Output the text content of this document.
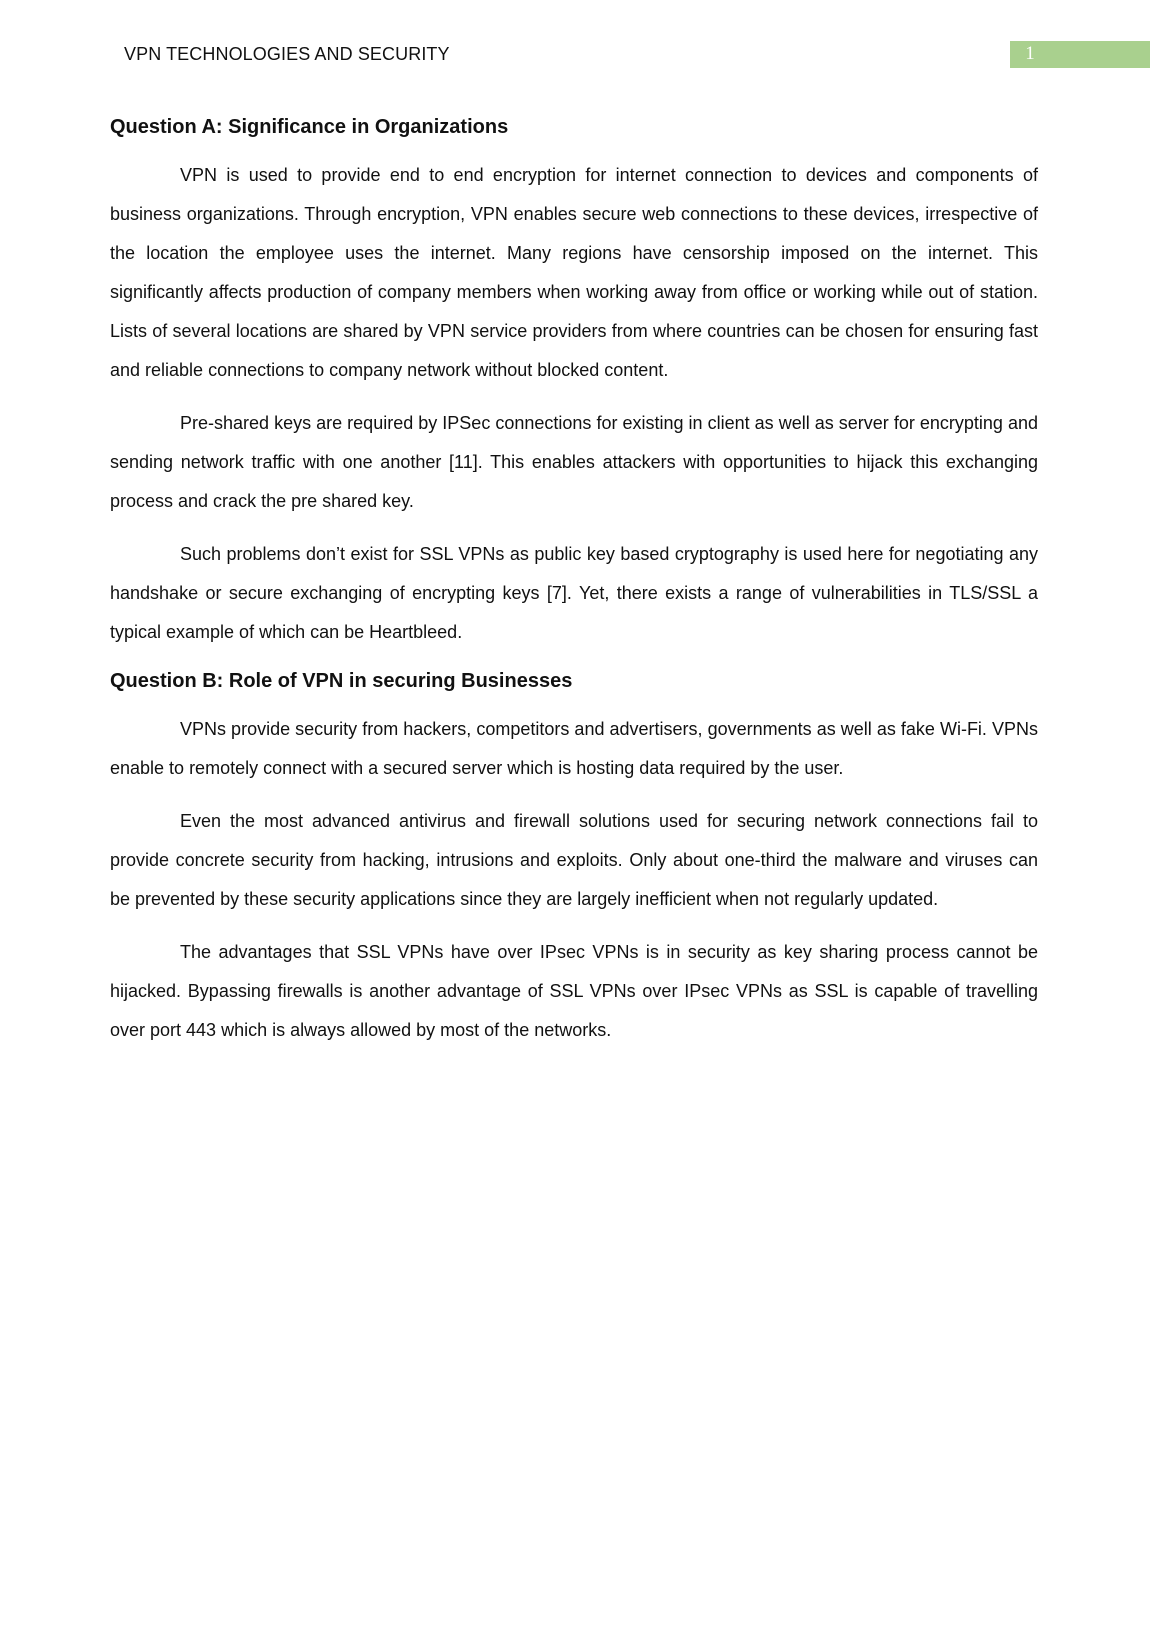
VPN TECHNOLOGIES AND SECURITY	1
Question A: Significance in Organizations

VPN is used to provide end to end encryption for internet connection to devices and components of business organizations. Through encryption, VPN enables secure web connections to these devices, irrespective of the location the employee uses the internet. Many regions have censorship imposed on the internet. This significantly affects production of company members when working away from office or working while out of station. Lists of several locations are shared by VPN service providers from where countries can be chosen for ensuring fast and reliable connections to company network without blocked content.

Pre-shared keys are required by IPSec connections for existing in client as well as server for encrypting and sending network traffic with one another [11]. This enables attackers with opportunities to hijack this exchanging process and crack the pre shared key.

Such problems don’t exist for SSL VPNs as public key based cryptography is used here for negotiating any handshake or secure exchanging of encrypting keys [7]. Yet, there exists a range of vulnerabilities in TLS/SSL a typical example of which can be Heartbleed.

Question B: Role of VPN in securing Businesses

VPNs provide security from hackers, competitors and advertisers, governments as well as fake Wi-Fi. VPNs enable to remotely connect with a secured server which is hosting data required by the user.

Even the most advanced antivirus and firewall solutions used for securing network connections fail to provide concrete security from hacking, intrusions and exploits. Only about one-third the malware and viruses can be prevented by these security applications since they are largely inefficient when not regularly updated.

The advantages that SSL VPNs have over IPsec VPNs is in security as key sharing process cannot be hijacked. Bypassing firewalls is another advantage of SSL VPNs over IPsec VPNs as SSL is capable of travelling over port 443 which is always allowed by most of the networks.
